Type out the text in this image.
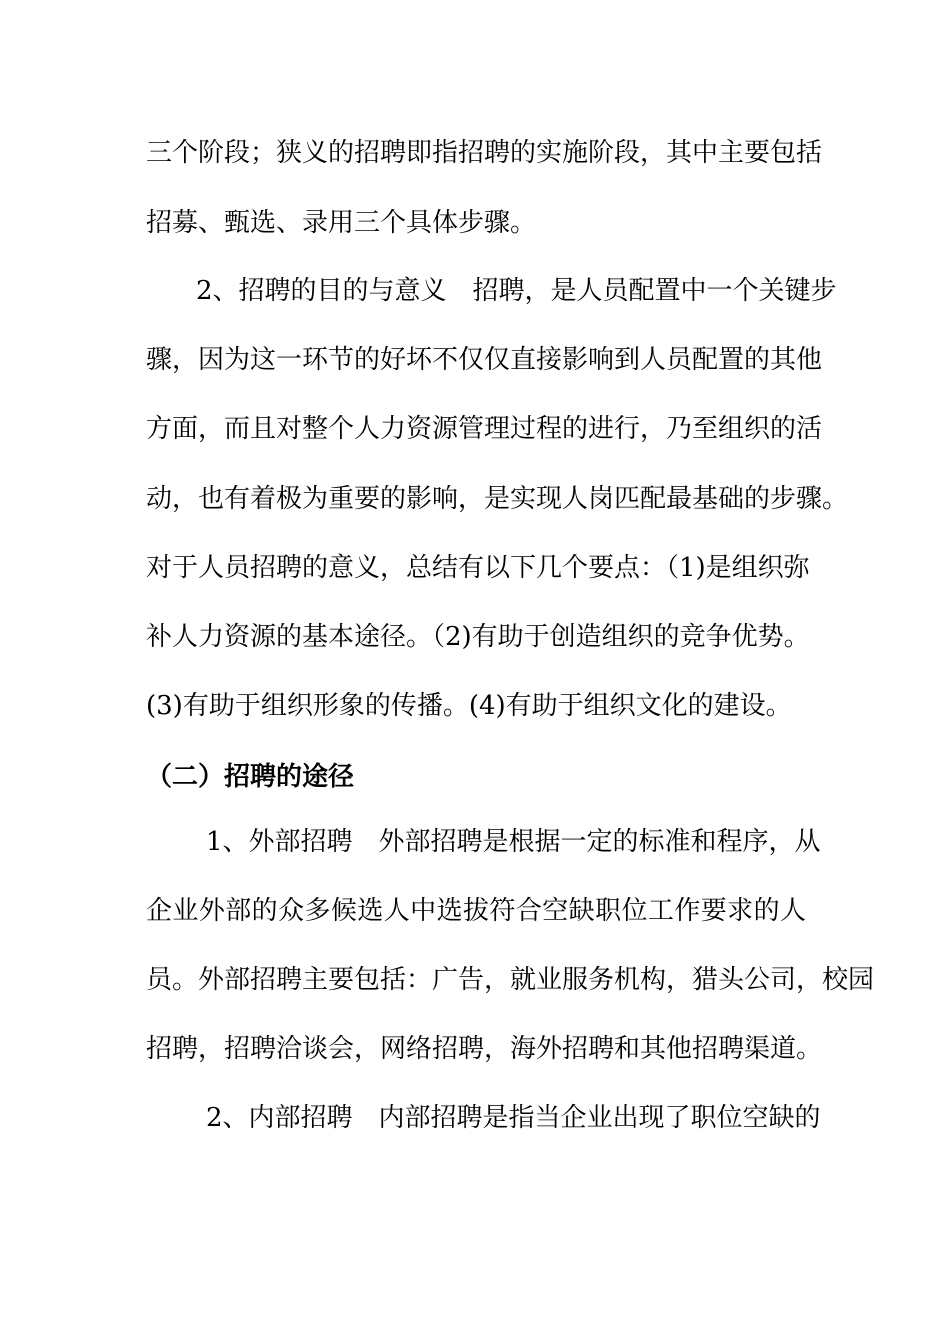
三个阶段；狭义的招聘即指招聘的实施阶段，其中主要包括
招募、甄选、录用三个具体步骤。
2、招聘的目的与意义　招聘，是人员配置中一个关键步
骤，因为这一环节的好坏不仅仅直接影响到人员配置的其他
方面，而且对整个人力资源管理过程的进行，乃至组织的活
动，也有着极为重要的影响，是实现人岗匹配最基础的步骤。
对于人员招聘的意义，总结有以下几个要点：（1)是组织弥
补人力资源的基本途径。（2)有助于创造组织的竞争优势。
(3)有助于组织形象的传播。(4)有助于组织文化的建设。
（二）招聘的途径
1、外部招聘　外部招聘是根据一定的标准和程序，从
企业外部的众多候选人中选拔符合空缺职位工作要求的人
员。外部招聘主要包括：广告，就业服务机构，猎头公司，校园
招聘，招聘洽谈会，网络招聘，海外招聘和其他招聘渠道。
2、内部招聘　内部招聘是指当企业出现了职位空缺的
